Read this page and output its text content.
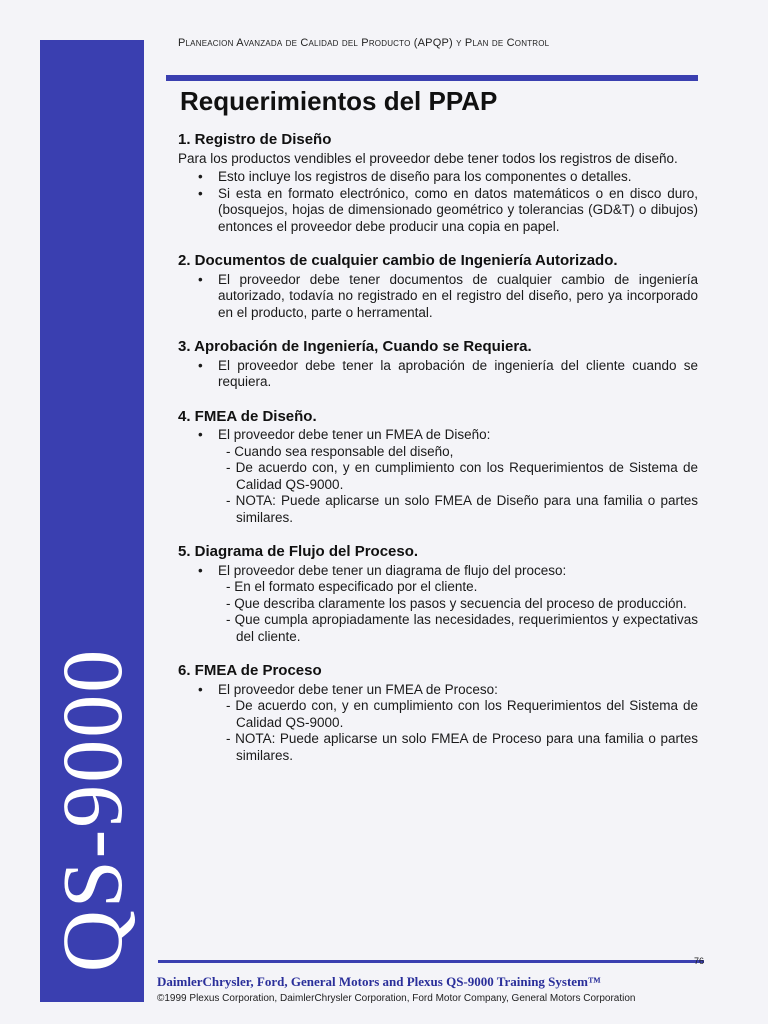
QS-9000
Planeacion Avanzada de Calidad del Producto (APQP) y Plan de Control
Requerimientos del PPAP
1. Registro de Diseño
Para los productos vendibles el proveedor debe tener todos los registros de diseño.
• Esto incluye los registros de diseño para los componentes o detalles.
• Si esta en formato electrónico, como en datos matemáticos o en disco duro, (bosquejos, hojas de dimensionado geométrico y tolerancias (GD&T) o dibujos) entonces el proveedor debe producir una copia en papel.
2. Documentos de cualquier cambio de Ingeniería Autorizado.
• El proveedor debe tener documentos de cualquier cambio de ingeniería autorizado, todavía no registrado en el registro del diseño, pero ya incorporado en el producto, parte o herramental.
3. Aprobación de Ingeniería, Cuando se Requiera.
• El proveedor debe tener la aprobación de ingeniería del cliente cuando se requiera.
4. FMEA de Diseño.
• El proveedor debe tener un FMEA de Diseño:
- Cuando sea responsable del diseño,
- De acuerdo con, y en cumplimiento con los Requerimientos de Sistema de Calidad QS-9000.
- NOTA: Puede aplicarse un solo FMEA de Diseño para una familia o partes similares.
5. Diagrama de Flujo del Proceso.
• El proveedor debe tener un diagrama de flujo del proceso:
- En el formato especificado por el cliente.
- Que describa claramente los pasos y secuencia del proceso de producción.
- Que cumpla apropiadamente las necesidades, requerimientos y expectativas del cliente.
6. FMEA de Proceso
• El proveedor debe tener un FMEA de Proceso:
- De acuerdo con, y en cumplimiento con los Requerimientos del Sistema de Calidad QS-9000.
- NOTA: Puede aplicarse un solo FMEA de Proceso para una familia o partes similares.
76
DaimlerChrysler, Ford, General Motors and Plexus QS-9000 Training System™
©1999 Plexus Corporation, DaimlerChrysler Corporation, Ford Motor Company, General Motors Corporation
